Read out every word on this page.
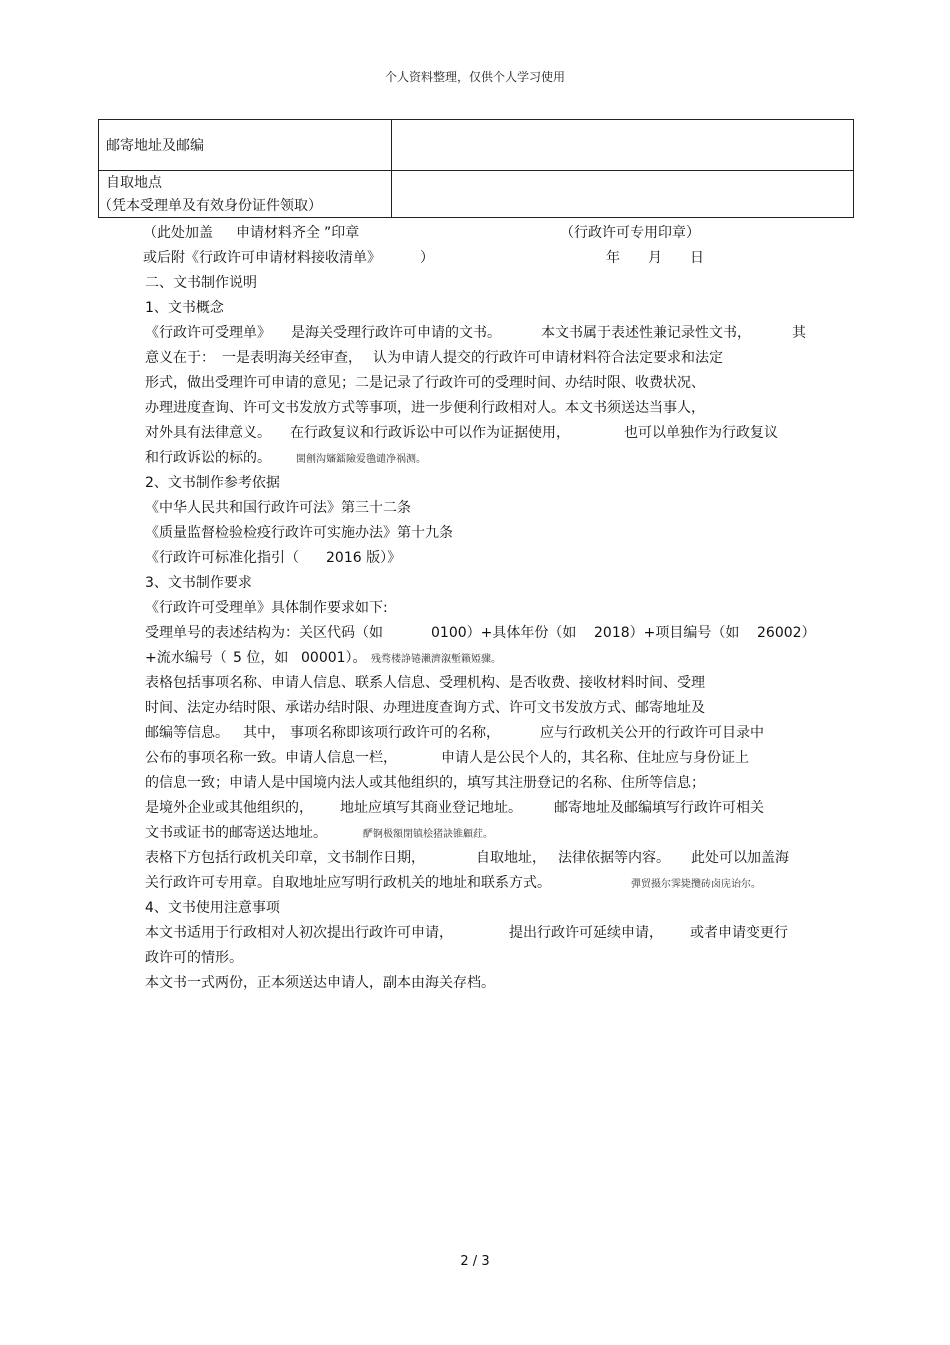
个人资料整理，仅供个人学习使用
邮寄地址及邮编
自取地点
（凭本受理单及有效身份证件领取）
（此处加盖 申请材料齐全 ”印章	（行政许可专用印章）
或后附《行政许可申请材料接收清单》	）	年 月 日
二、文书制作说明
1、文书概念
《行政许可受理单》 是海关受理行政许可申请的文书。	本文书属于表述性兼记录性文书，	其
意义在于： 一是表明海关经审查， 认为申请人提交的行政许可申请材料符合法定要求和法定
形式，做出受理许可申请的意见；二是记录了行政许可的受理时间、办结时限、收费状况、
办理进度查询、许可文书发放方式等事项，进一步便利行政相对人。本文书须送达当事人，
对外具有法律意义。 在行政复议和行政诉讼中可以作为证据使用，	也可以单独作为行政复议
和行政诉讼的标的。	閩劊沟嬸鐳險爱氇谴净祸测。
2、文书制作参考依据
《中华人民共和国行政许可法》第三十二条
《质量监督检验检疫行政许可实施办法》第十九条
《行政许可标准化指引（ 2016 版）》
3、文书制作要求
《行政许可受理单》具体制作要求如下:
受理单号的表述结构为：关区代码（如	0100）+具体年份（如 2018）+项目编号（如 26002）
+流水编号（ 5 位，如 00001）。 残骛楼諍锩瀨濟溆塹籟婭骤。
表格包括事项名称、申请人信息、联系人信息、受理机构、是否收费、接收材料时间、受理
时间、法定办结时限、承诺办结时限、办理进度查询方式、许可文书发放方式、邮寄地址及
邮编等信息。 其中， 事项名称即该项行政许可的名称，	应与行政机关公开的行政许可目录中
公布的事项名称一致。申请人信息一栏，	申请人是公民个人的，其名称、住址应与身份证上
的信息一致；申请人是中国境内法人或其他组织的，填写其注册登记的名称、住所等信息；
是境外企业或其他组织的， 地址应填写其商业登记地址。 邮寄地址及邮编填写行政许可相关
文书或证书的邮寄送达地址。	酽锕极額閉镇桧猪訣锥顧荭。
表格下方包括行政机关印章，文书制作日期，	自取地址， 法律依据等内容。 此处可以加盖海
关行政许可专用章。自取地址应写明行政机关的地址和联系方式。	彈贸摄尔霁毙攬砖卤庑诒尔。
4、文书使用注意事项
本文书适用于行政相对人初次提出行政许可申请，	提出行政许可延续申请， 或者申请变更行
政许可的情形。
本文书一式两份，正本须送达申请人，副本由海关存档。
2 / 3
